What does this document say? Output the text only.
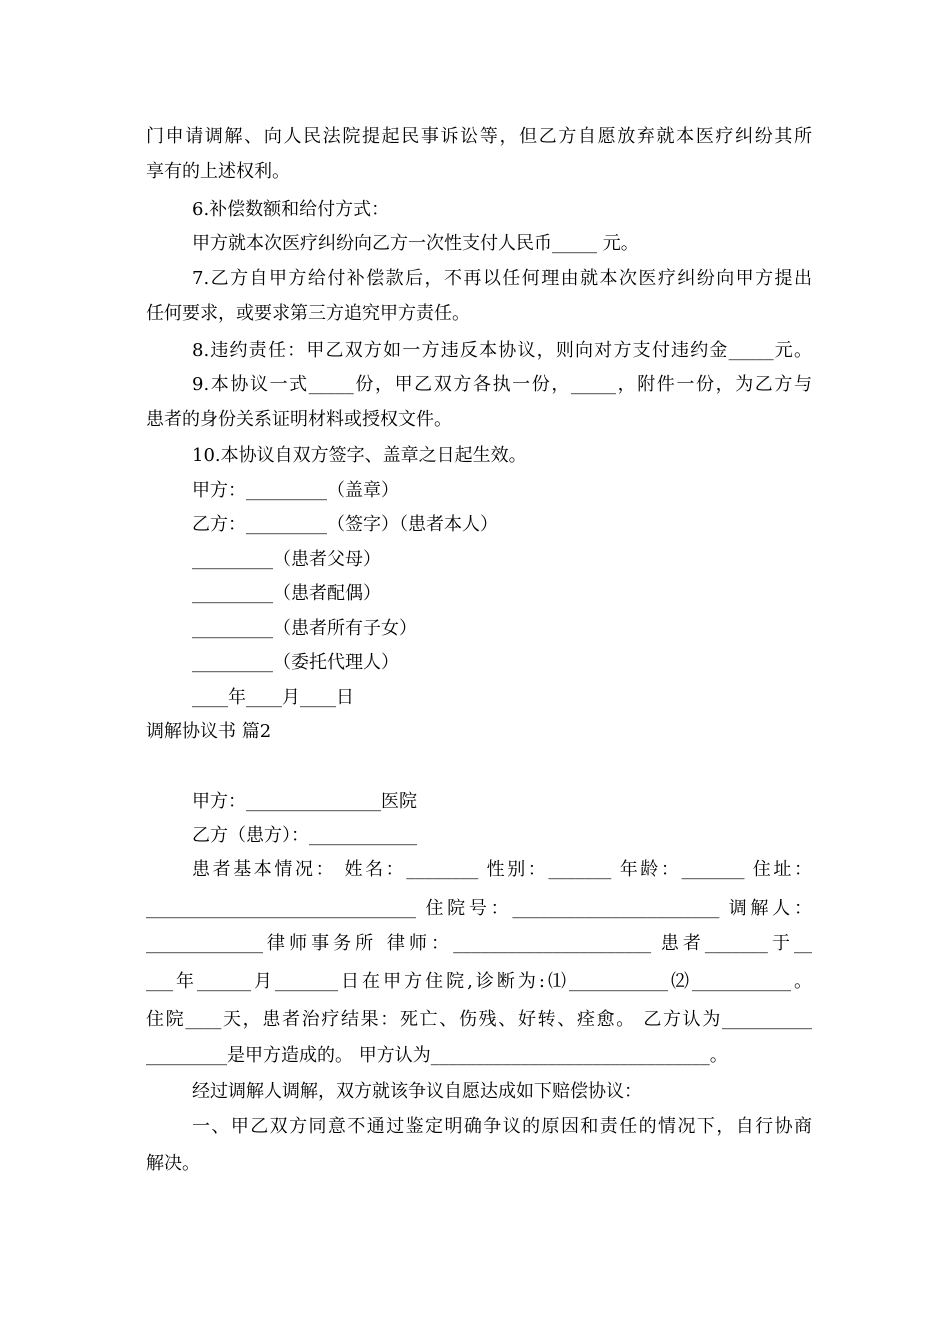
门申请调解、向人民法院提起民事诉讼等，但乙方自愿放弃就本医疗纠纷其所
享有的上述权利。
6.补偿数额和给付方式：
甲方就本次医疗纠纷向乙方一次性支付人民币_____ 元。
7.乙方自甲方给付补偿款后，不再以任何理由就本次医疗纠纷向甲方提出
任何要求，或要求第三方追究甲方责任。
8.违约责任：甲乙双方如一方违反本协议，则向对方支付违约金_____元。
9.本协议一式_____份，甲乙双方各执一份，_____，附件一份，为乙方与
患者的身份关系证明材料或授权文件。
10.本协议自双方签字、盖章之日起生效。
甲方：_________（盖章）
乙方：_________（签字）（患者本人）
_________（患者父母）
_________（患者配偶）
_________（患者所有子女）
_________（委托代理人）
____年____月____日
调解协议书 篇2
甲方：_______________医院
乙方（患方）：____________
患者基本情况： 姓名：________ 性别：_______ 年龄：_______ 住址：
______________________________ 住院号：_______________________ 调解人：
_____________律师事务所 律师：______________________ 患者_______于__
___年______月_______日在甲方住院,诊断为:⑴___________⑵___________。
住院____天，患者治疗结果：死亡、伤残、好转、痊愈。 乙方认为__________
_________是甲方造成的。 甲方认为_______________________________。
经过调解人调解，双方就该争议自愿达成如下赔偿协议：
一、甲乙双方同意不通过鉴定明确争议的原因和责任的情况下，自行协商
解决。
